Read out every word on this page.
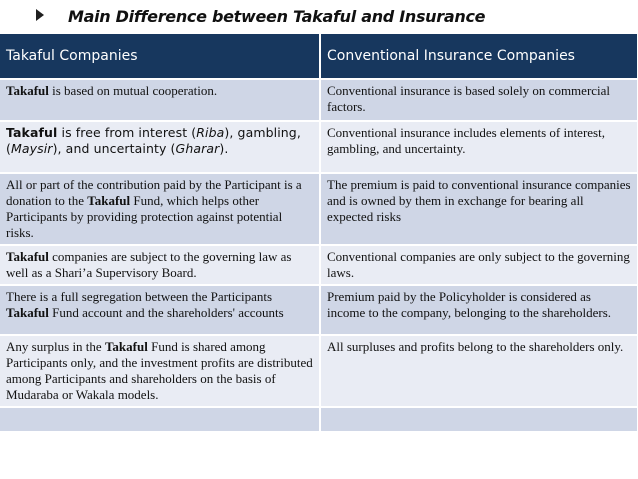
Main Difference between Takaful and Insurance
Takaful Companies	Conventional Insurance Companies
Takaful is based on mutual cooperation.	Conventional insurance is based solely on commercial factors.
Takaful is free from interest (Riba), gambling, (Maysir), and uncertainty (Gharar).	Conventional insurance includes elements of interest, gambling, and uncertainty.
All or part of the contribution paid by the Participant is a donation to the Takaful Fund, which helps other Participants by providing protection against potential risks.	The premium is paid to conventional insurance companies and is owned by them in exchange for bearing all expected risks
Takaful companies are subject to the governing law as well as a Shari’a Supervisory Board.	Conventional companies are only subject to the governing laws.
There is a full segregation between the Participants Takaful Fund account and the shareholders' accounts	Premium paid by the Policyholder is considered as income to the company, belonging to the shareholders.
Any surplus in the Takaful Fund is shared among Participants only, and the investment profits are distributed among Participants and shareholders on the basis of Mudaraba or Wakala models.	All surpluses and profits belong to the shareholders only.
